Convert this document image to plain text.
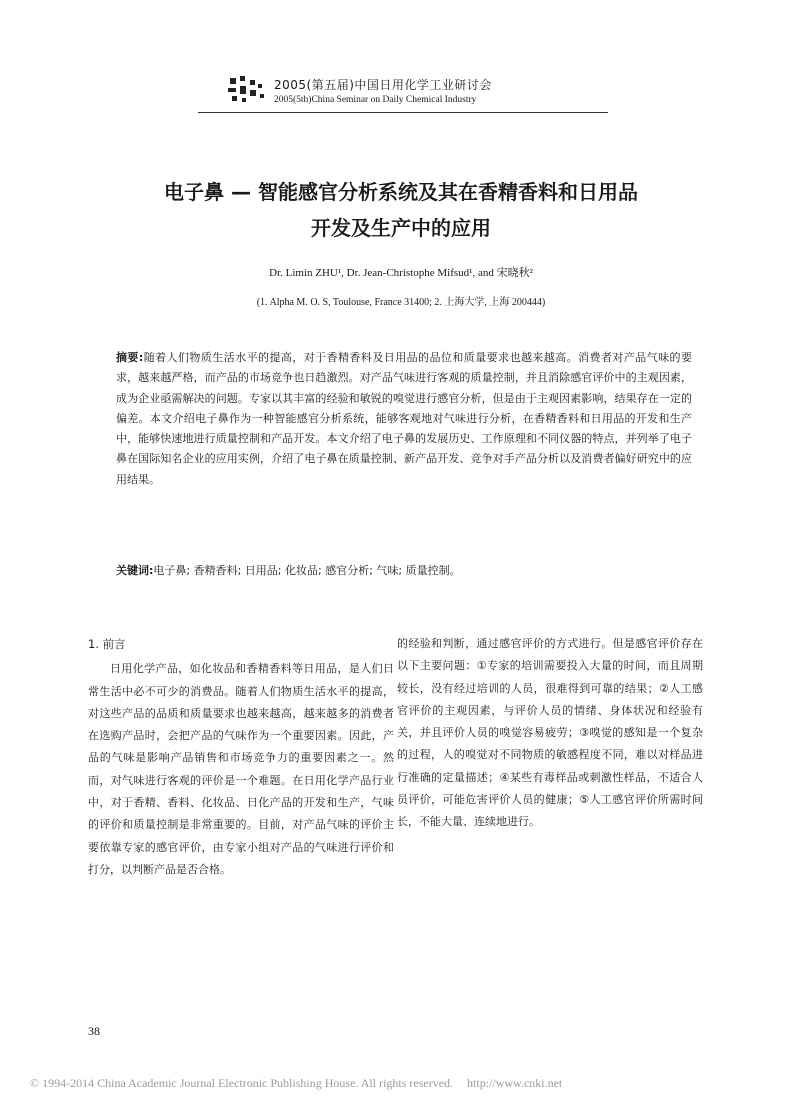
2005(第五届)中国日用化学工业研讨会
2005(5th)China Seminar on Daily Chemical Industry
电子鼻 — 智能感官分析系统及其在香精香料和日用品
开发及生产中的应用
Dr. Limin ZHU¹, Dr. Jean-Christophe Mifsud¹, and 宋晓秋²
(1. Alpha M. O. S, Toulouse, France 31400; 2. 上海大学, 上海 200444)
摘要:随着人们物质生活水平的提高，对于香精香料及日用品的品位和质量要求也越来越高。消费者对产品气味的要求，越来越严格，而产品的市场竞争也日趋激烈。对产品气味进行客观的质量控制，并且消除感官评价中的主观因素，成为企业亟需解决的问题。专家以其丰富的经验和敏锐的嗅觉进行感官分析，但是由于主观因素影响，结果存在一定的偏差。本文介绍电子鼻作为一种智能感官分析系统，能够客观地对气味进行分析，在香精香料和日用品的开发和生产中，能够快速地进行质量控制和产品开发。本文介绍了电子鼻的发展历史、工作原理和不同仪器的特点，并列举了电子鼻在国际知名企业的应用实例，介绍了电子鼻在质量控制、新产品开发、竞争对手产品分析以及消费者偏好研究中的应用结果。
关键词:电子鼻; 香精香料; 日用品; 化妆品; 感官分析; 气味; 质量控制。
1. 前言

日用化学产品，如化妆品和香精香料等日用品，是人们日常生活中必不可少的消费品。随着人们物质生活水平的提高，对这些产品的品质和质量要求也越来越高，越来越多的消费者在选购产品时，会把产品的气味作为一个重要因素。因此，产品的气味是影响产品销售和市场竞争力的重要因素之一。然而，对气味进行客观的评价是一个难题。在日用化学产品行业中，对于香精、香料、化妆品、日化产品的开发和生产，气味的评价和质量控制是非常重要的。目前，对产品气味的评价主要依靠专家的感官评价，由专家小组对产品的气味进行评价和打分，以判断产品是否合格。

的经验和判断，通过感官评价的方式进行。但是感官评价存在以下主要问题：①专家的培训需要投入大量的时间，而且周期较长，没有经过培训的人员，很难得到可靠的结果；②人工感官评价的主观因素，与评价人员的情绪、身体状况和经验有关，并且评价人员的嗅觉容易疲劳；③嗅觉的感知是一个复杂的过程，人的嗅觉对不同物质的敏感程度不同，难以对样品进行准确的定量描述；④某些有毒样品或刺激性样品，不适合人员评价，可能危害评价人员的健康；⑤人工感官评价所需时间长，不能大量、连续地进行。

38
© 1994-2014 China Academic Journal Electronic Publishing House. All rights reserved. http://www.cnki.net
